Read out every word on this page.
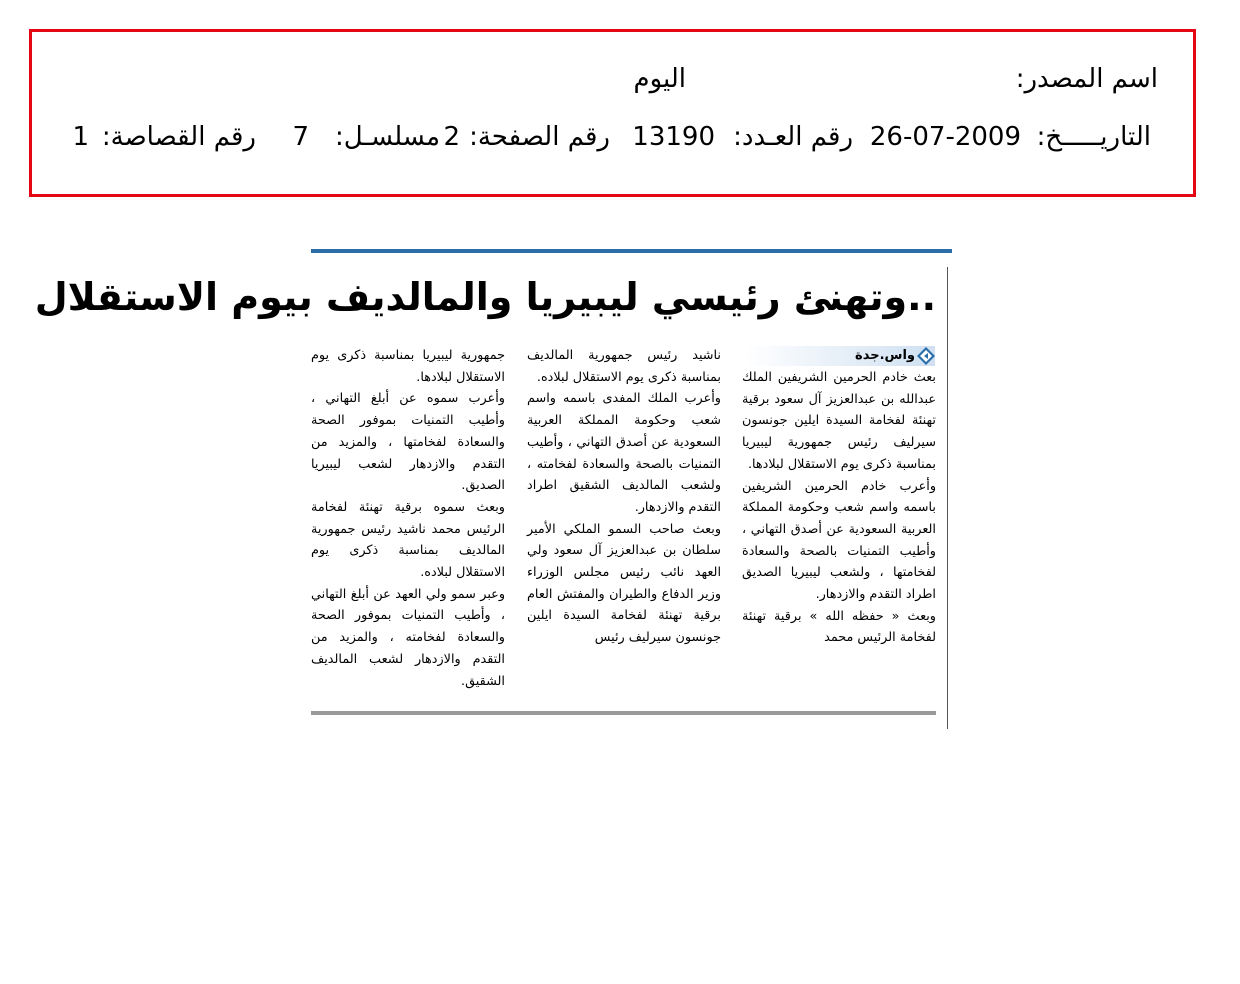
اسم المصدر:
اليوم
التاريـــــخ:
26-07-2009
رقم العـدد:
13190
رقم الصفحة:
2
مسلسـل:
7
رقم القصاصة:
1
..وتهنئ رئيسي ليبيريا والمالديف بيوم الاستقلال
واس.جدة
بعث خادم الحرمين الشريفين الملك عبدالله بن عبدالعزيز آل سعود برقية تهنئة لفخامة السيدة ايلين جونسون سيرليف رئيس جمهورية ليبيريا بمناسبة ذكرى يوم الاستقلال لبلادها.
وأعرب خادم الحرمين الشريفين باسمه واسم شعب وحكومة المملكة العربية السعودية عن أصدق التهاني ، وأطيب التمنيات بالصحة والسعادة لفخامتها ، ولشعب ليبيريا الصديق اطراد التقدم والازدهار.
وبعث « حفظه الله » برقية تهنئة لفخامة الرئيس محمد
ناشيد رئيس جمهورية المالديف بمناسبة ذكرى يوم الاستقلال لبلاده.
وأعرب الملك المفدى باسمه واسم شعب وحكومة المملكة العربية السعودية عن أصدق التهاني ، وأطيب التمنيات بالصحة والسعادة لفخامته ، ولشعب المالديف الشقيق اطراد التقدم والازدهار.
وبعث صاحب السمو الملكي الأمير سلطان بن عبدالعزيز آل سعود ولي العهد نائب رئيس مجلس الوزراء وزير الدفاع والطيران والمفتش العام برقية تهنئة لفخامة السيدة ايلين جونسون سيرليف رئيس
جمهورية ليبيريا بمناسبة ذكرى يوم الاستقلال لبلادها.
وأعرب سموه عن أبلغ التهاني ، وأطيب التمنيات بموفور الصحة والسعادة لفخامتها ، والمزيد من التقدم والازدهار لشعب ليبيريا الصديق.
وبعث سموه برقية تهنئة لفخامة الرئيس محمد ناشيد رئيس جمهورية المالديف بمناسبة ذكرى يوم الاستقلال لبلاده.
وعبر سمو ولي العهد عن أبلغ التهاني ، وأطيب التمنيات بموفور الصحة والسعادة لفخامته ، والمزيد من التقدم والازدهار لشعب المالديف الشقيق.
